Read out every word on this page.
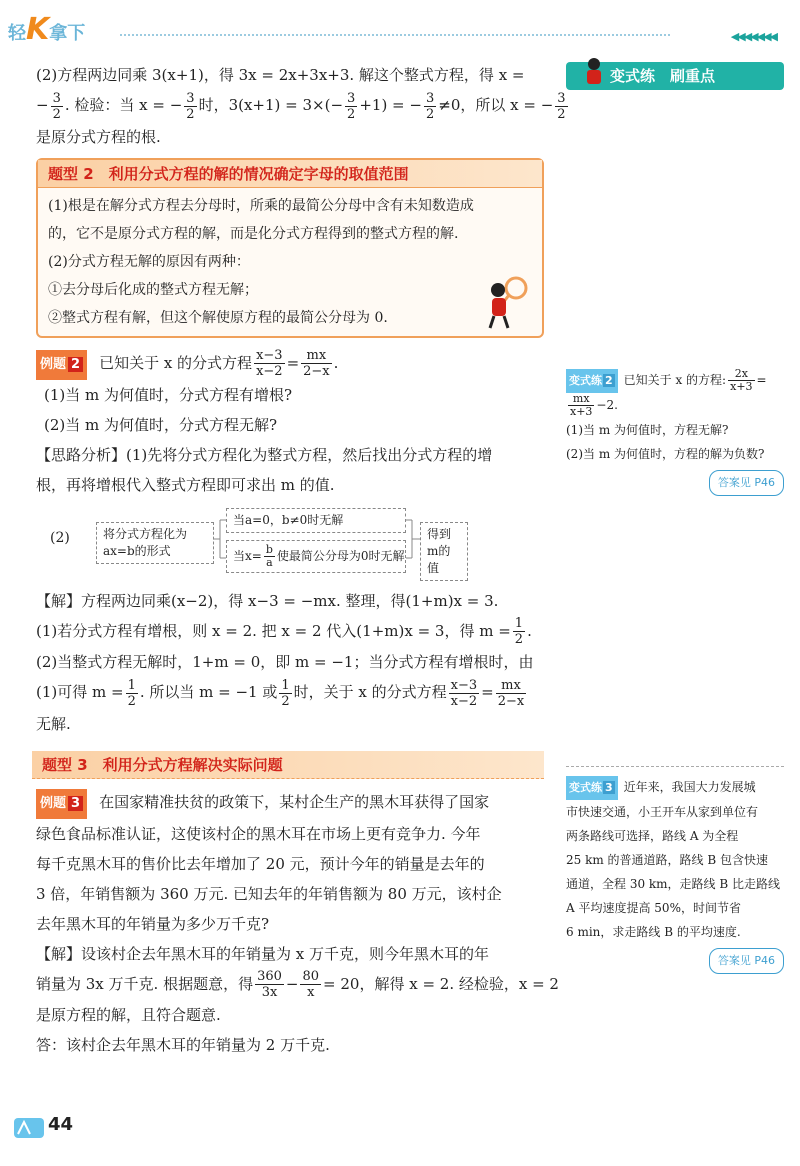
轻K拿下	◀◀◀◀◀◀◀
(2)方程两边同乘 3(x+1)，得 3x = 2x+3x+3. 解这个整式方程，得 x =
− $\frac{3}{2}$ . 检验：当 x = − $\frac{3}{2}$ 时，$3(x+1) = 3\times(- \frac{3}{2} +1)$ = − $\frac{3}{2} \ne 0$，所以 x = − $\frac{3}{2}$
是原分式方程的根.
题型 2　利用分式方程的解的情况确定字母的取值范围
(1)根是在解分式方程去分母时，所乘的最简公分母中含有未知数造成
的，它不是原分式方程的解，而是化分式方程得到的整式方程的解.
(2)分式方程无解的原因有两种：
①去分母后化成的整式方程无解；
②整式方程有解，但这个解使原方程的最简公分母为 0.
例题 2 已知关于 x 的分式方程 $\frac{x-3}{x-2} = \frac{mx}{2-x}$ .
(1)当 m 为何值时，分式方程有增根?
(2)当 m 为何值时，分式方程无解?
【思路分析】(1)先将分式方程化为整式方程，然后找出分式方程的增
根，再将增根代入整式方程即可求出 m 的值.
(2)	将分式方程化为 ax=b的形式
当a=0，b≠0时无解
当$x= \frac{b}{a}$ 使最简公分母为0时无解
得到m的值
【解】方程两边同乘(x−2)，得 x−3 = −mx. 整理，得(1+m)x = 3.
(1)若分式方程有增根，则 x = 2. 把 x = 2 代入(1+m)x = 3，得 $m = \frac{1}{2}$ .
(2)当整式方程无解时，1+m = 0，即 m = −1；当分式方程有增根时，由
(1)可得 $m = \frac{1}{2}$ . 所以当 m = −1 或 $\frac{1}{2}$ 时，关于 x 的分式方程 $\frac{x-3}{x-2} = \frac{mx}{2-x}$
无解.
题型 3　利用分式方程解决实际问题
例题 3 在国家精准扶贫的政策下，某村企生产的黑木耳获得了国家
绿色食品标准认证，这使该村企的黑木耳在市场上更有竞争力. 今年
每千克黑木耳的售价比去年增加了 20 元，预计今年的销量是去年的
3 倍，年销售额为 360 万元. 已知去年的年销售额为 80 万元，该村企
去年黑木耳的年销量为多少万千克?
【解】设该村企去年黑木耳的年销量为 x 万千克，则今年黑木耳的年
销量为 3x 万千克. 根据题意，得 $\frac{360}{3x} - \frac{80}{x} = 20$，解得 x = 2. 经检验，x = 2
是原方程的解，且符合题意.
答：该村企去年黑木耳的年销量为 2 万千克.
变式练　刷重点
变式练 2 已知关于 x 的方程: $\frac{2x}{x+3}$ =
$\frac{mx}{x+3} -2$.
(1)当 m 为何值时，方程无解?
(2)当 m 为何值时，方程的解为负数?
答案见 P46
变式练 3 近年来，我国大力发展城
市快速交通，小王开车从家到单位有
两条路线可选择，路线 A 为全程
25 km 的普通道路，路线 B 包含快速
通道，全程 30 km，走路线 B 比走路线
A 平均速度提高 50%，时间节省
6 min，求走路线 B 的平均速度.
答案见 P46
44
